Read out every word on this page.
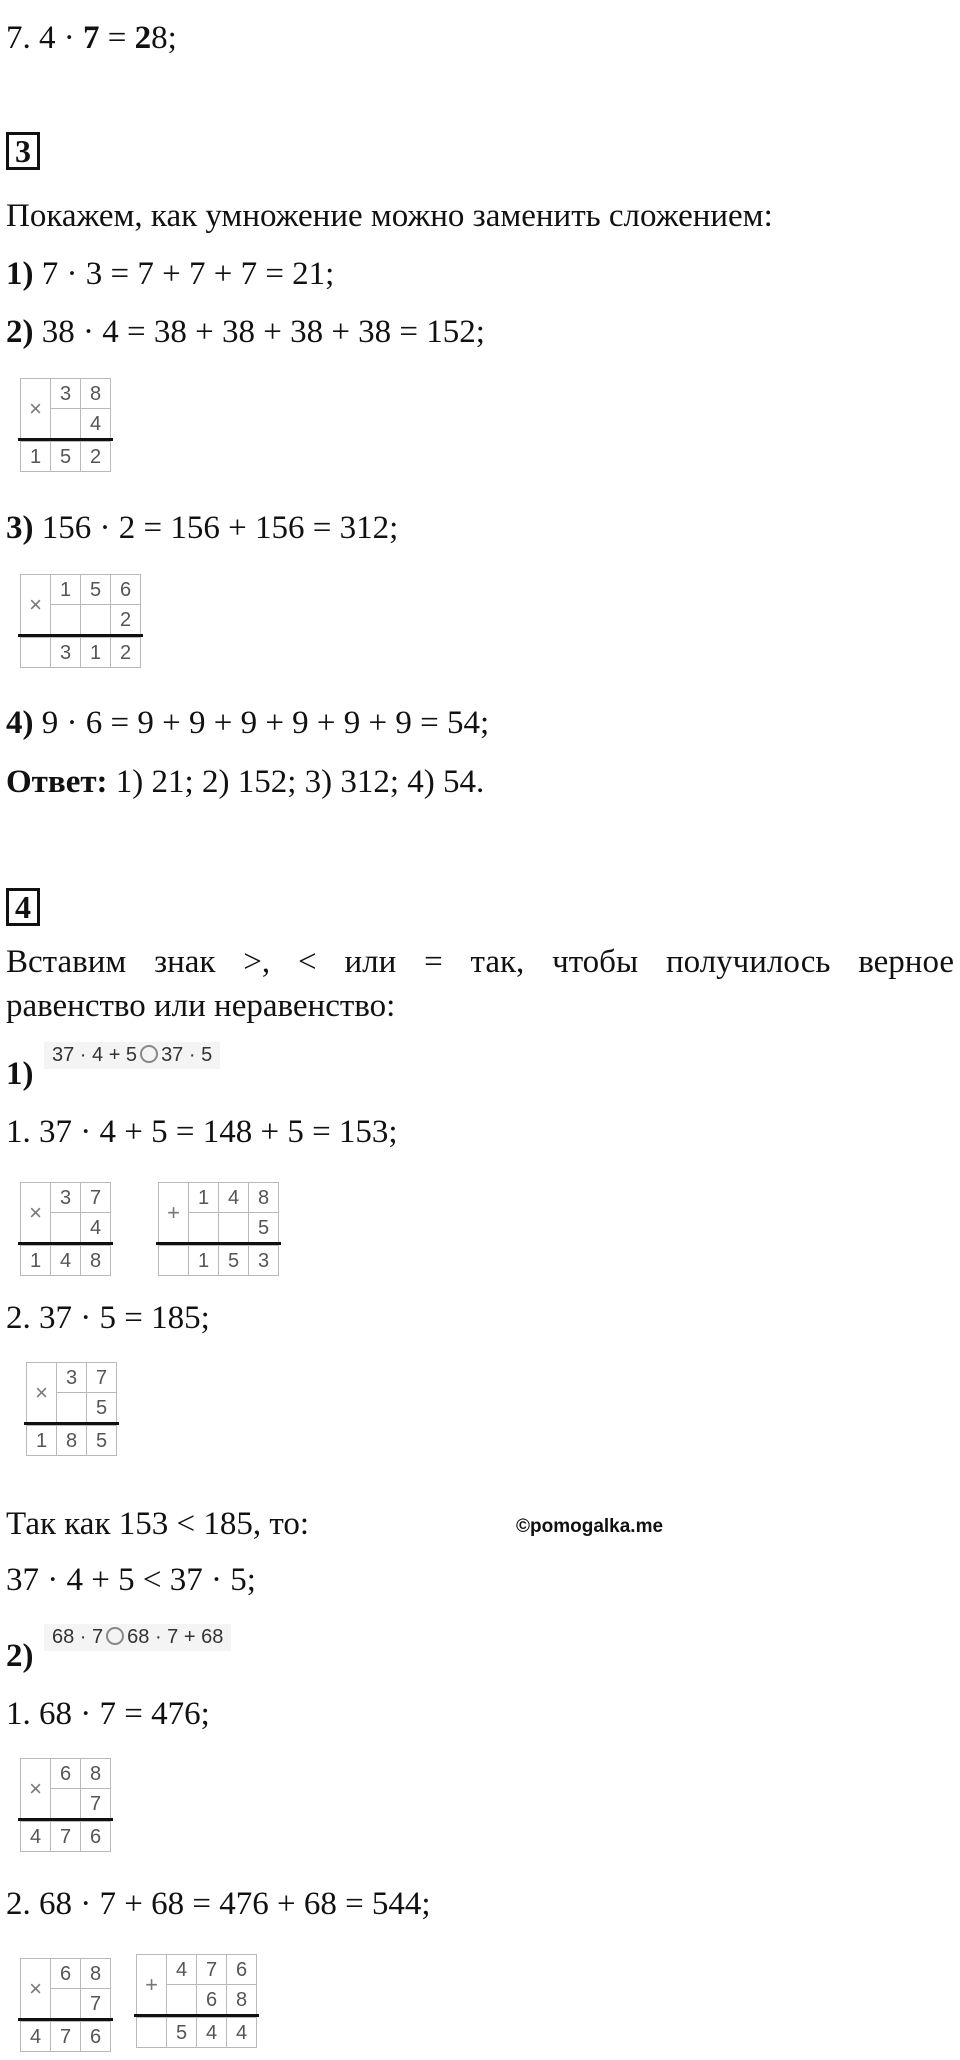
7. 4 · 7 = 28;
3
Покажем, как умножение можно заменить сложением:
1) 7 · 3 = 7 + 7 + 7 = 21;
2) 38 · 4 = 38 + 38 + 38 + 38 = 152;
3 8
4
1 5 2
×
3) 156 · 2 = 156 + 156 = 312;
1 5 6
2
3 1 2
×
4) 9 · 6 = 9 + 9 + 9 + 9 + 9 + 9 = 54;
Ответ: 1) 21; 2) 152; 3) 312; 4) 54.
4
Вставим знак >, < или = так, чтобы получилось верное
равенство или неравенство:
1)
37 · 4 + 5 37 · 5
1. 37 · 4 + 5 = 148 + 5 = 153;
3 7
4
1 4 8
×
1 4 8
5
1 5 3
+
2. 37 · 5 = 185;
3 7
5
1 8 5
×
Так как 153 < 185, то:	©pomogalka.me
37 · 4 + 5 < 37 · 5;
2)
68 · 7 68 · 7 + 68
1. 68 · 7 = 476;
6 8
7
4 7 6
×
2. 68 · 7 + 68 = 476 + 68 = 544;
6 8
7
4 7 6
×
4 7 6
6 8
5 4 4
+
